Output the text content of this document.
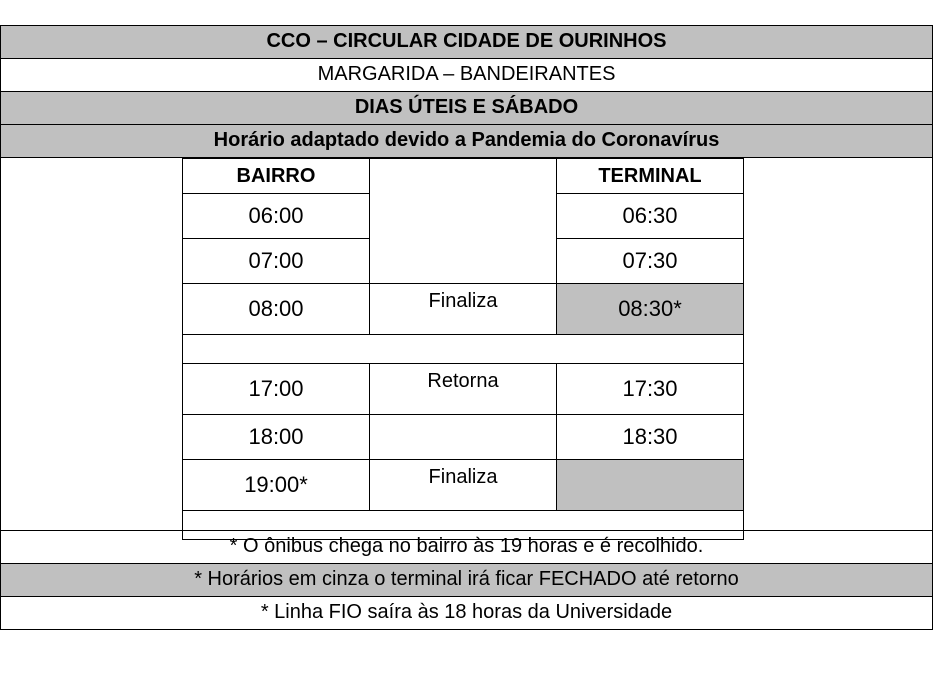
CCO – CIRCULAR CIDADE DE OURINHOS
MARGARIDA – BANDEIRANTES
DIAS ÚTEIS E SÁBADO
Horário adaptado devido a Pandemia do Coronavírus
BAIRRO		TERMINAL
06:00		06:30
07:00		07:30
08:00	Finaliza	08:30*

17:00	Retorna	17:30
18:00		18:30
19:00*	Finaliza	

* O ônibus chega no bairro às 19 horas e é recolhido.
* Horários em cinza o terminal irá ficar FECHADO até retorno
* Linha FIO saíra às 18 horas da Universidade
